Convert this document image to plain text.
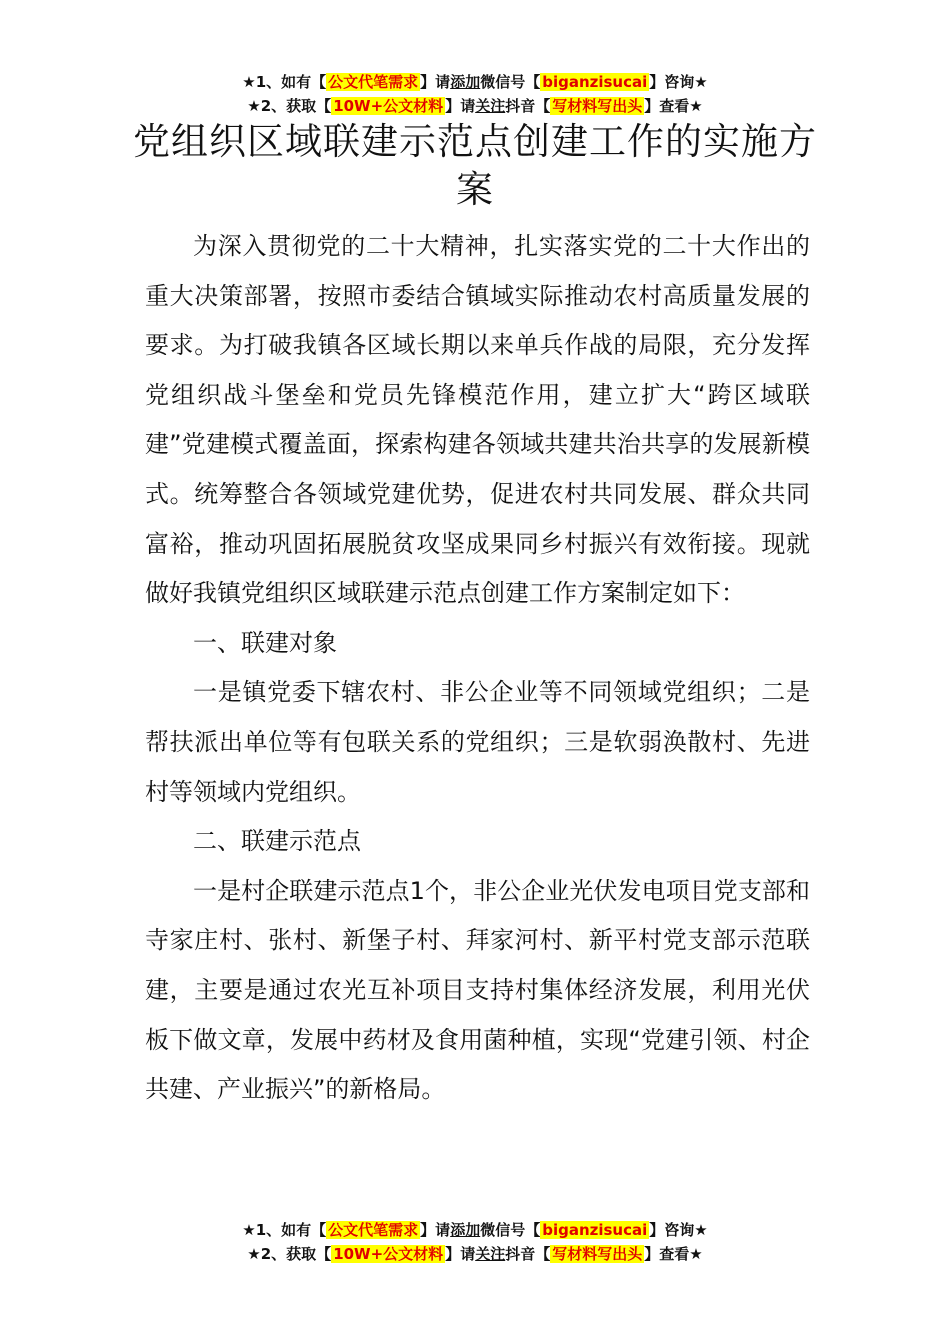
★1、如有【 公文代笔需求 】请添加微信号【 biganzisucai 】咨询★
★2、获取【 10W+公文材料 】请关注抖音【 写材料写出头 】查看★
党组织区域联建示范点创建工作的实施方
案

为深入贯彻党的二十大精神，扎实落实党的二十大作出的重大决策部署，按照市委结合镇域实际推动农村高质量发展的要求。为打破我镇各区域长期以来单兵作战的局限，充分发挥党组织战斗堡垒和党员先锋模范作用，建立扩大“跨区域联建”党建模式覆盖面，探索构建各领域共建共治共享的发展新模式。统筹整合各领域党建优势，促进农村共同发展、群众共同富裕，推动巩固拓展脱贫攻坚成果同乡村振兴有效衔接。现就做好我镇党组织区域联建示范点创建工作方案制定如下：

一、联建对象

一是镇党委下辖农村、非公企业等不同领域党组织；二是帮扶派出单位等有包联关系的党组织；三是软弱涣散村、先进村等领域内党组织。

二、联建示范点

一是村企联建示范点1个，非公企业光伏发电项目党支部和寺家庄村、张村、新堡子村、拜家河村、新平村党支部示范联建，主要是通过农光互补项目支持村集体经济发展，利用光伏板下做文章，发展中药材及食用菌种植，实现“党建引领、村企共建、产业振兴”的新格局。

★1、如有【 公文代笔需求 】请添加微信号【 biganzisucai 】咨询★
★2、获取【 10W+公文材料 】请关注抖音【 写材料写出头 】查看★
